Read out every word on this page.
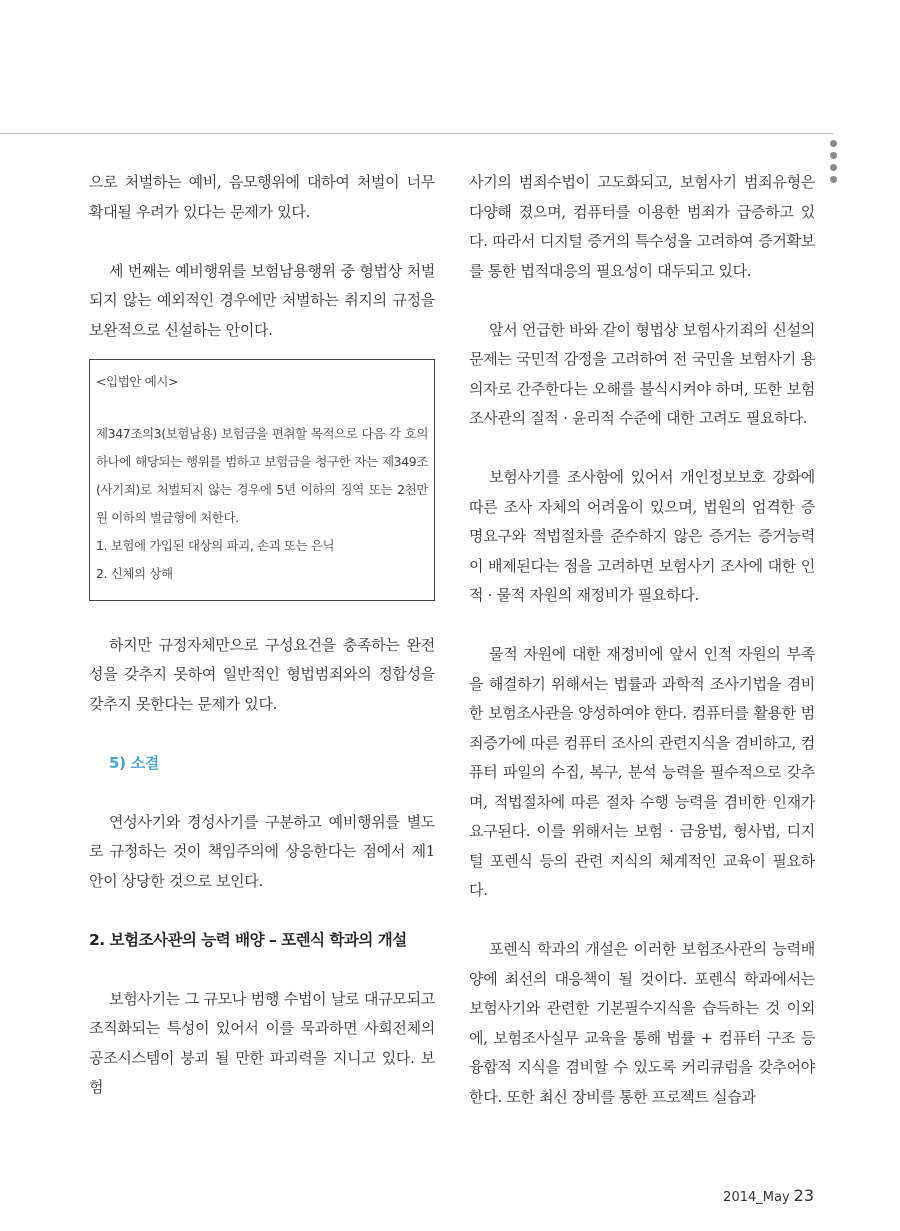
으로 처벌하는 예비, 음모행위에 대하여 처벌이 너무 확대될 우려가 있다는 문제가 있다.

세 번째는 예비행위를 보험남용행위 중 형법상 처벌되지 않는 예외적인 경우에만 처벌하는 취지의 규정을 보완적으로 신설하는 안이다.

<입법안 예시>

제347조의3(보험남용) 보험금을 편취할 목적으로 다음 각 호의 하나에 해당되는 행위를 범하고 보험금을 청구한 자는 제349조(사기죄)로 처벌되지 않는 경우에 5년 이하의 징역 또는 2천만원 이하의 벌금형에 처한다.

1. 보험에 가입된 대상의 파괴, 손괴 또는 은닉

2. 신체의 상해

하지만 규정자체만으로 구성요건을 충족하는 완전성을 갖추지 못하여 일반적인 형법범죄와의 정합성을 갖추지 못한다는 문제가 있다.

5) 소결

연성사기와 경성사기를 구분하고 예비행위를 별도로 규정하는 것이 책임주의에 상응한다는 점에서 제1안이 상당한 것으로 보인다.

2. 보험조사관의 능력 배양 – 포렌식 학과의 개설

보험사기는 그 규모나 범행 수법이 날로 대규모되고 조직화되는 특성이 있어서 이를 묵과하면 사회전체의 공조시스템이 붕괴 될 만한 파괴력을 지니고 있다. 보험

사기의 범죄수법이 고도화되고, 보험사기 범죄유형은 다양해 졌으며, 컴퓨터를 이용한 범죄가 급증하고 있다. 따라서 디지털 증거의 특수성을 고려하여 증거확보를 통한 법적대응의 필요성이 대두되고 있다.

앞서 언급한 바와 같이 형법상 보험사기죄의 신설의 문제는 국민적 감정을 고려하여 전 국민을 보험사기 용의자로 간주한다는 오해를 불식시켜야 하며, 또한 보험조사관의 질적 · 윤리적 수준에 대한 고려도 필요하다.

보험사기를 조사함에 있어서 개인정보보호 강화에 따른 조사 자체의 어려움이 있으며, 법원의 엄격한 증명요구와 적법절차를 준수하지 않은 증거는 증거능력이 배제된다는 점을 고려하면 보험사기 조사에 대한 인적 · 물적 자원의 재정비가 필요하다.

물적 자원에 대한 재정비에 앞서 인적 자원의 부족을 해결하기 위해서는 법률과 과학적 조사기법을 겸비한 보험조사관을 양성하여야 한다. 컴퓨터를 활용한 범죄증가에 따른 컴퓨터 조사의 관련지식을 겸비하고, 컴퓨터 파일의 수집, 복구, 분석 능력을 필수적으로 갖추며, 적법절차에 따른 절차 수행 능력을 겸비한 인재가 요구된다. 이를 위해서는 보험 · 금융법, 형사법, 디지털 포렌식 등의 관련 지식의 체계적인 교육이 필요하다.

포렌식 학과의 개설은 이러한 보험조사관의 능력배양에 최선의 대응책이 될 것이다. 포렌식 학과에서는 보험사기와 관련한 기본필수지식을 습득하는 것 이외에, 보험조사실무 교육을 통해 법률 + 컴퓨터 구조 등 융합적 지식을 겸비할 수 있도록 커리큐럼을 갖추어야 한다. 또한 최신 장비를 통한 프로젝트 실습과

2014_May 23
